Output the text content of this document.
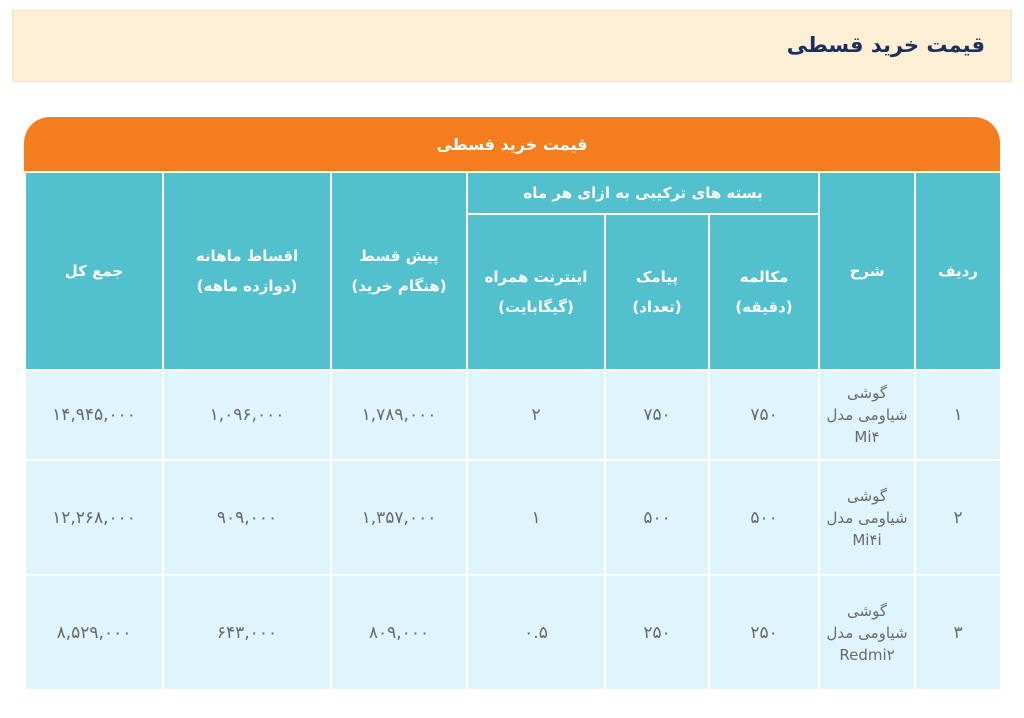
قیمت خرید قسطی
قیمت خرید قسطی
ردیف	شرح	بسته های ترکیبی به ازای هر ماه			پیش قسط (هنگام خرید)	اقساط ماهانه (دوازده ماهه)	جمع کل
		مکالمه (دقیقه)	پیامک (تعداد)	اینترنت همراه (گیگابایت)			
۱	گوشی شیاومی مدل Mi۴	۷۵۰	۷۵۰	۲	۱,۷۸۹,۰۰۰	۱,۰۹۶,۰۰۰	۱۴,۹۴۵,۰۰۰
۲	گوشی شیاومی مدل Mi۴i	۵۰۰	۵۰۰	۱	۱,۳۵۷,۰۰۰	۹۰۹,۰۰۰	۱۲,۲۶۸,۰۰۰
۳	گوشی شیاومی مدل Redmi۲	۲۵۰	۲۵۰	۰.۵	۸۰۹,۰۰۰	۶۴۳,۰۰۰	۸,۵۲۹,۰۰۰
